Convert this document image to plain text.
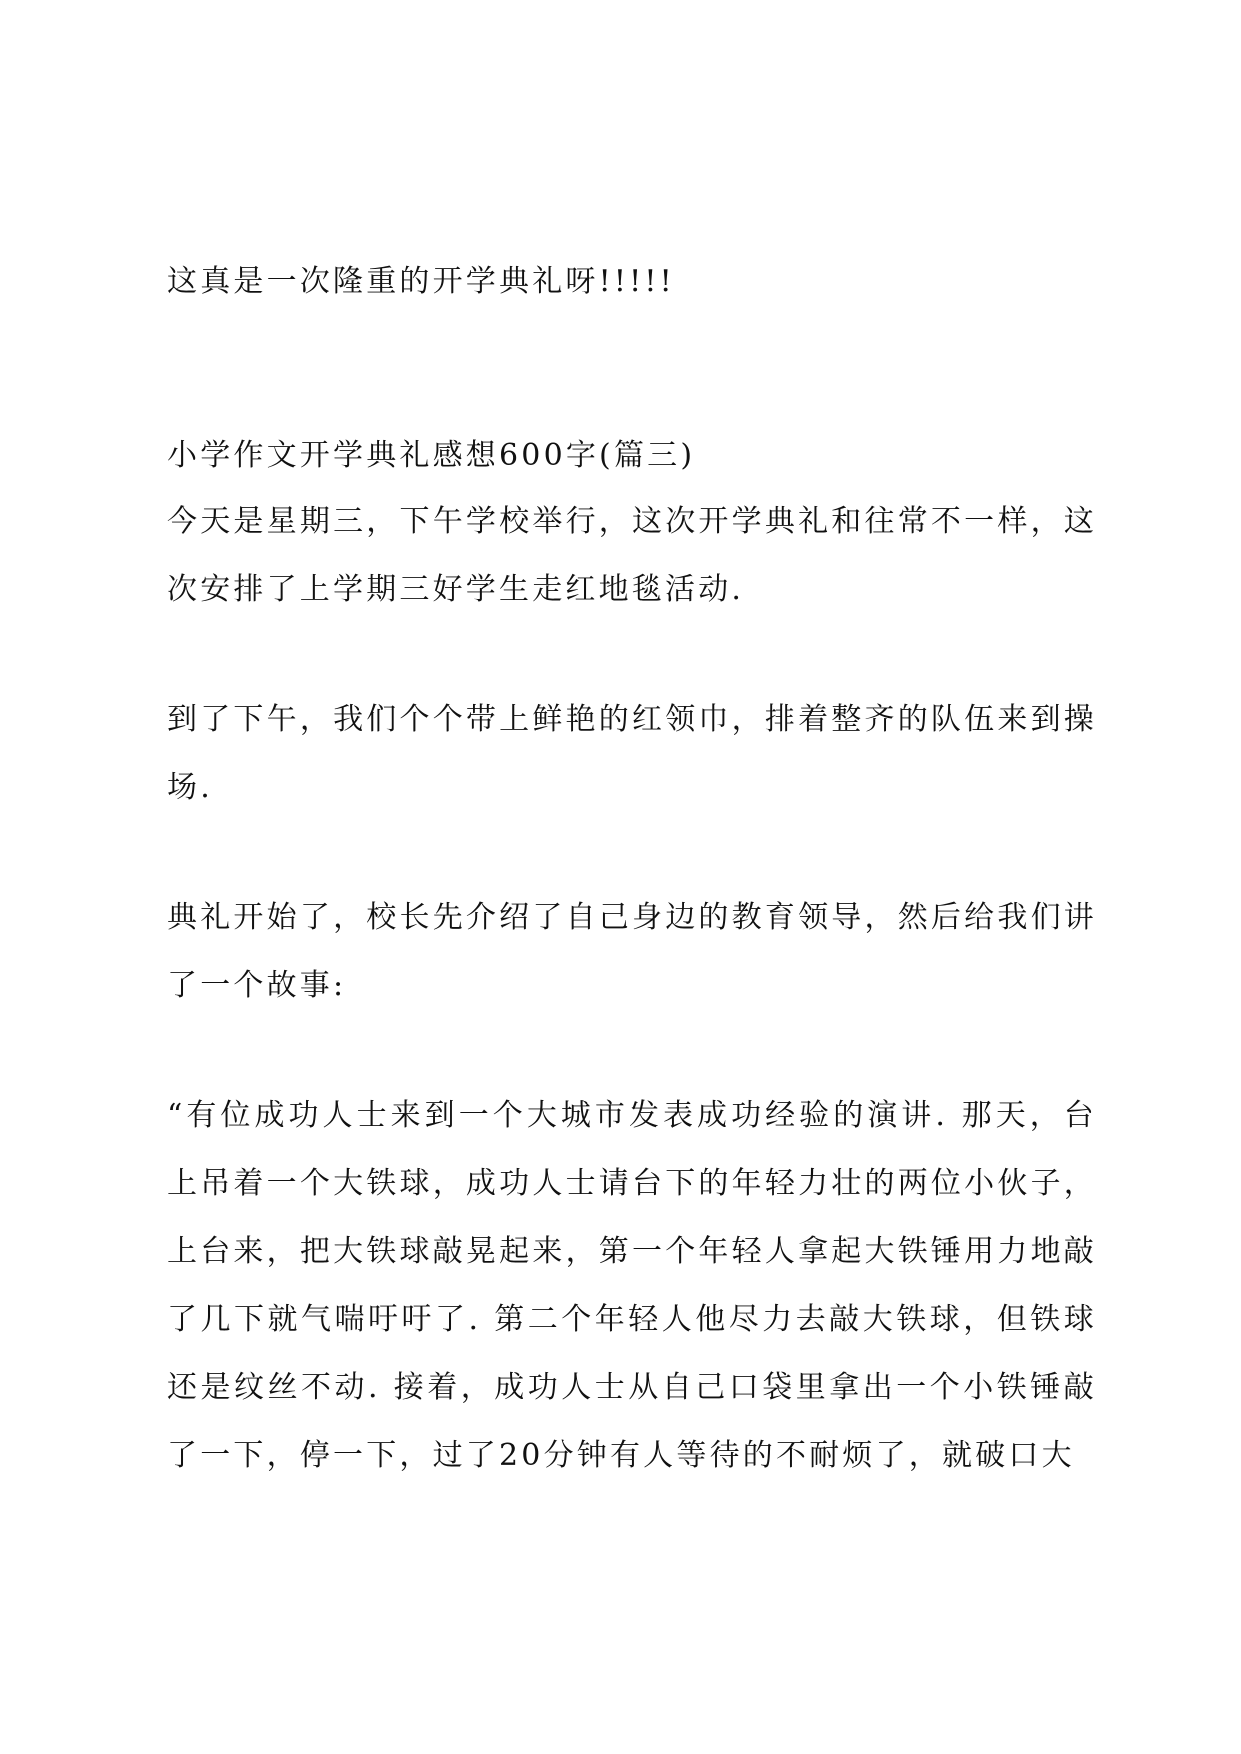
这真是一次隆重的开学典礼呀!!!!!

小学作文开学典礼感想600字(篇三)

今天是星期三，下午学校举行，这次开学典礼和往常不一样，这次安排了上学期三好学生走红地毯活动.

到了下午，我们个个带上鲜艳的红领巾，排着整齐的队伍来到操场.

典礼开始了，校长先介绍了自己身边的教育领导，然后给我们讲了一个故事:

“有位成功人士来到一个大城市发表成功经验的演讲. 那天，台上吊着一个大铁球，成功人士请台下的年轻力壮的两位小伙子，上台来，把大铁球敲晃起来，第一个年轻人拿起大铁锤用力地敲了几下就气喘吁吁了. 第二个年轻人他尽力去敲大铁球，但铁球还是纹丝不动. 接着，成功人士从自己口袋里拿出一个小铁锤敲了一下，停一下，过了20分钟有人等待的不耐烦了，就破口大
